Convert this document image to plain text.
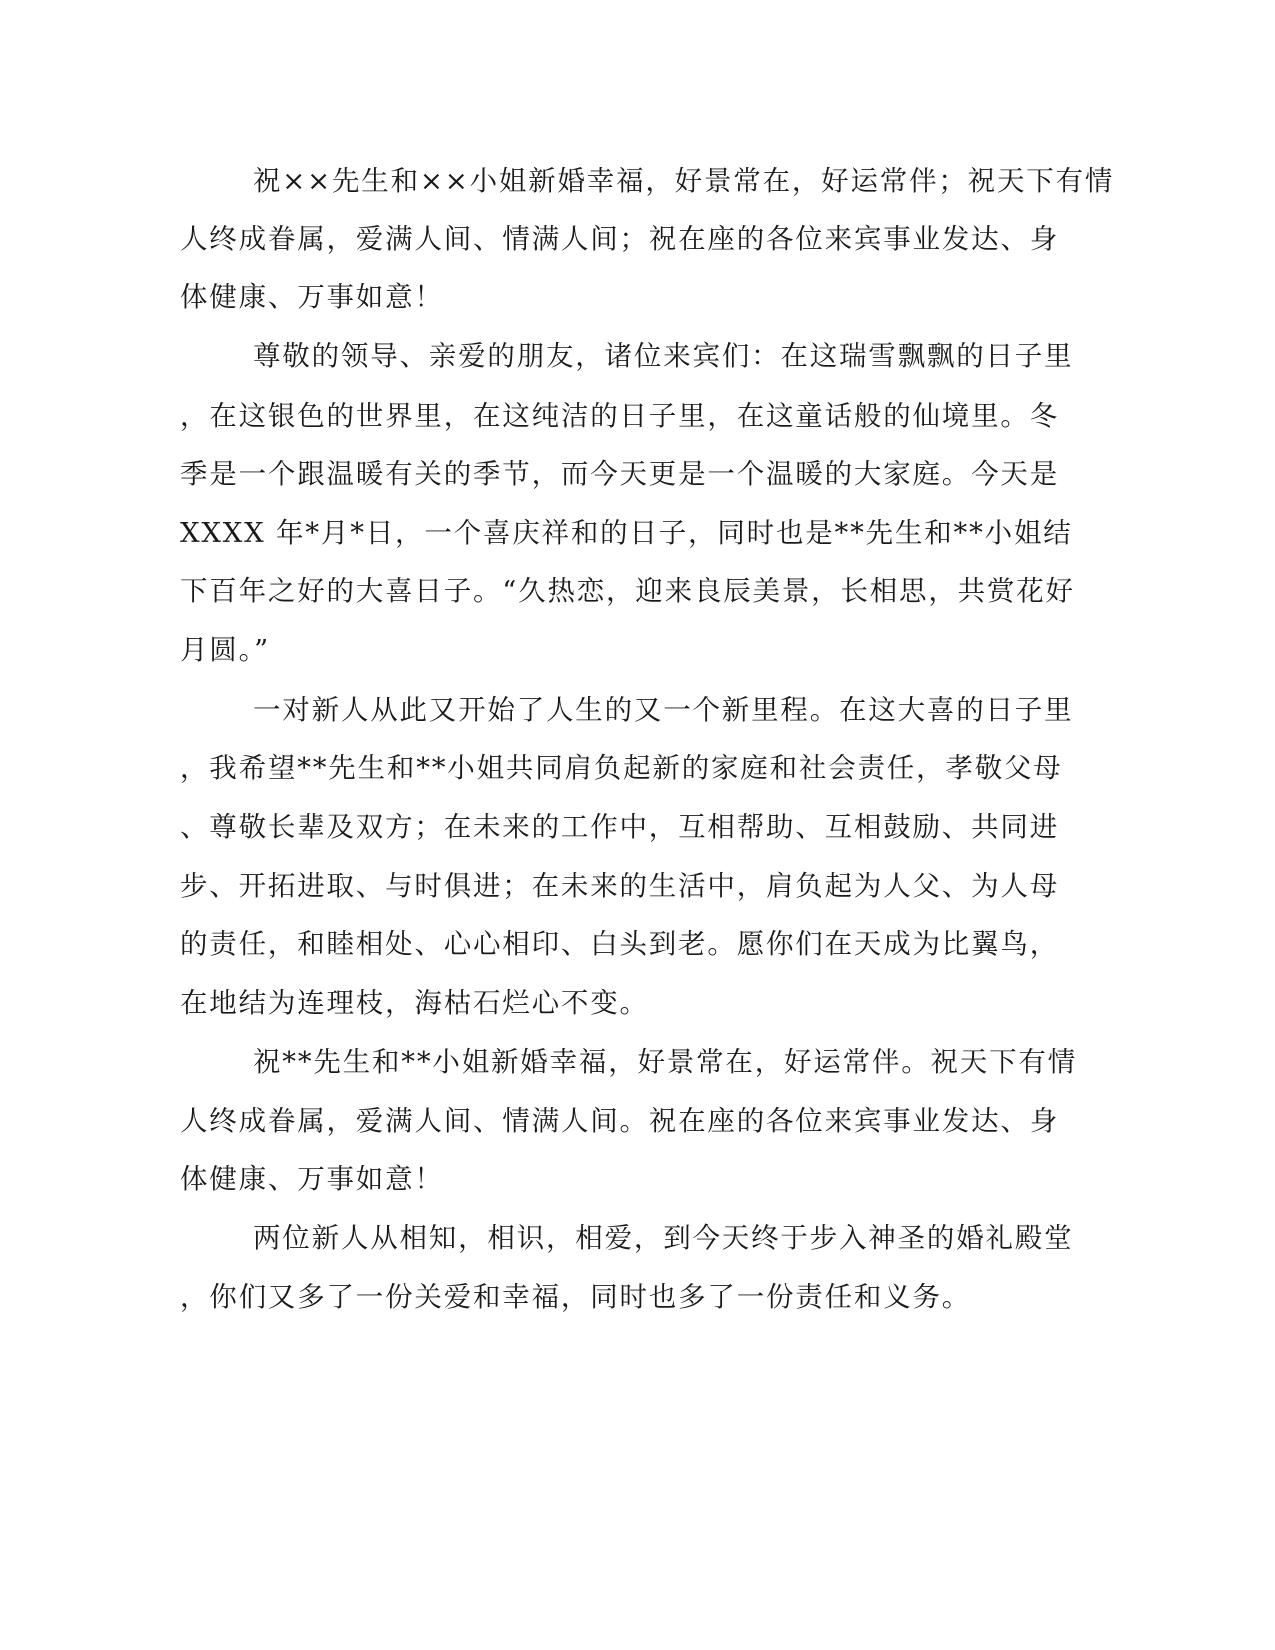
祝××先生和××小姐新婚幸福，好景常在，好运常伴；祝天下有情

人终成眷属，爱满人间、情满人间；祝在座的各位来宾事业发达、身

体健康、万事如意！

尊敬的领导、亲爱的朋友，诸位来宾们：在这瑞雪飘飘的日子里

，在这银色的世界里，在这纯洁的日子里，在这童话般的仙境里。冬

季是一个跟温暖有关的季节，而今天更是一个温暖的大家庭。今天是

XXXX 年*月*日，一个喜庆祥和的日子，同时也是**先生和**小姐结

下百年之好的大喜日子。“久热恋，迎来良辰美景，长相思，共赏花好

月圆。”

一对新人从此又开始了人生的又一个新里程。在这大喜的日子里

，我希望**先生和**小姐共同肩负起新的家庭和社会责任，孝敬父母

、尊敬长辈及双方；在未来的工作中，互相帮助、互相鼓励、共同进

步、开拓进取、与时俱进；在未来的生活中，肩负起为人父、为人母

的责任，和睦相处、心心相印、白头到老。愿你们在天成为比翼鸟，

在地结为连理枝，海枯石烂心不变。

祝**先生和**小姐新婚幸福，好景常在，好运常伴。祝天下有情

人终成眷属，爱满人间、情满人间。祝在座的各位来宾事业发达、身

体健康、万事如意！

两位新人从相知，相识，相爱，到今天终于步入神圣的婚礼殿堂

，你们又多了一份关爱和幸福，同时也多了一份责任和义务。
